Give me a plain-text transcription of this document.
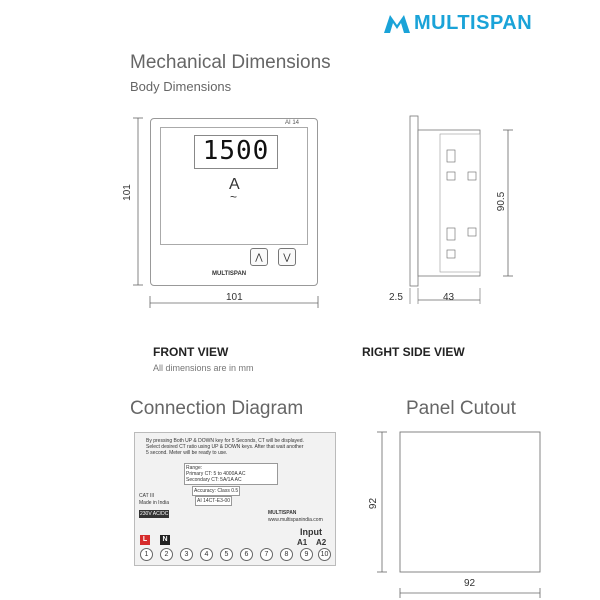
MULTISPAN
Mechanical Dimensions
Body Dimensions
101
101
AI 14
1500
A
~
⋀	⋁
MULTISPAN
FRONT VIEW
All dimensions are in mm
90.5
43
2.5
RIGHT SIDE VIEW
Connection Diagram	Panel Cutout
By pressing Both UP & DOWN key for 5 Seconds, CT will be displayed.
Select desired CT ratio using UP & DOWN keys. After that wait another
5 second. Meter will be ready to use.
Range:
Primary CT: 5 to 4000A AC
Secondary CT: 5A/1A AC
Accuracy: Class 0.5
AI 14CT-E3-00
CAT III
Made in India
230V AC/DC	MULTISPAN
www.multispanindia.com
L	N
Input
A1 A2
1	2	3	4	5	6	7	8	9	10
92
92
